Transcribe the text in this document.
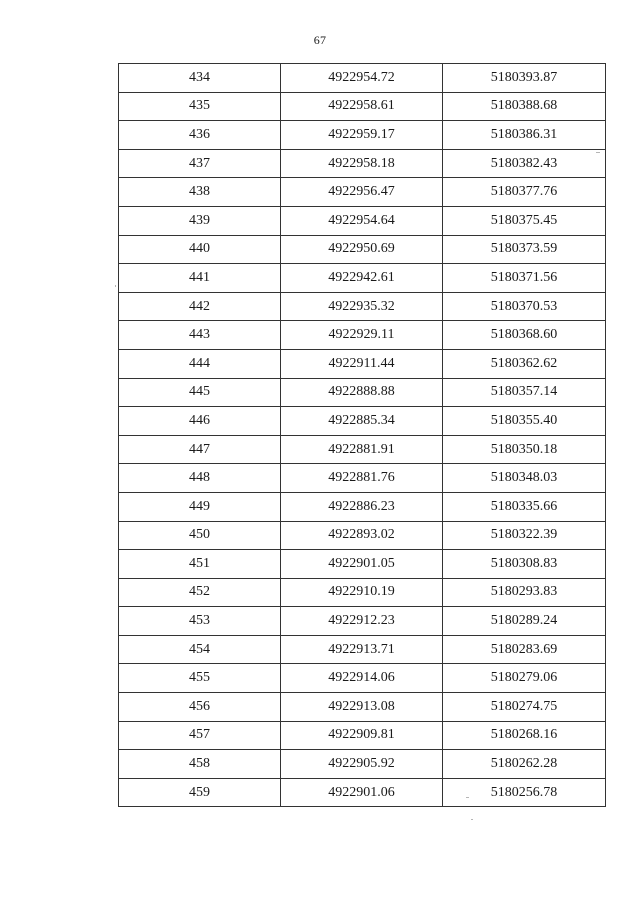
67
434	4922954.72	5180393.87
435	4922958.61	5180388.68
436	4922959.17	5180386.31
437	4922958.18	5180382.43
438	4922956.47	5180377.76
439	4922954.64	5180375.45
440	4922950.69	5180373.59
441	4922942.61	5180371.56
442	4922935.32	5180370.53
443	4922929.11	5180368.60
444	4922911.44	5180362.62
445	4922888.88	5180357.14
446	4922885.34	5180355.40
447	4922881.91	5180350.18
448	4922881.76	5180348.03
449	4922886.23	5180335.66
450	4922893.02	5180322.39
451	4922901.05	5180308.83
452	4922910.19	5180293.83
453	4922912.23	5180289.24
454	4922913.71	5180283.69
455	4922914.06	5180279.06
456	4922913.08	5180274.75
457	4922909.81	5180268.16
458	4922905.92	5180262.28
459	4922901.06	5180256.78
